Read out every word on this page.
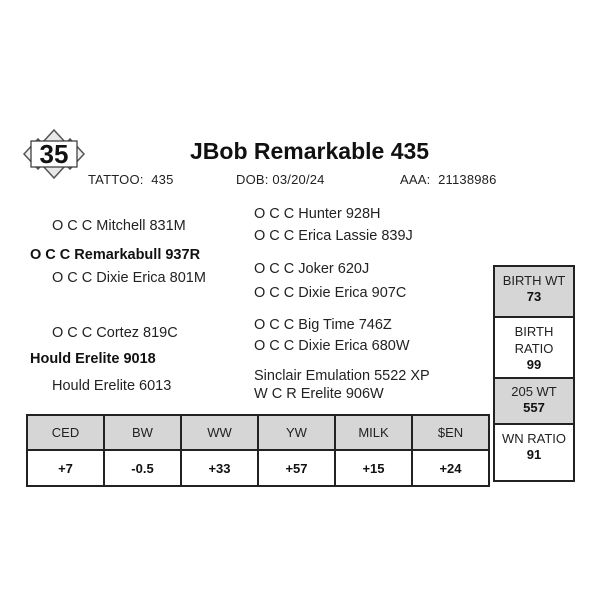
35	JBob Remarkable 435
TATTOO: 435	DOB: 03/20/24	AAA: 21138986
O C C Mitchell 831M
O C C Remarkabull 937R
O C C Dixie Erica 801M
O C C Cortez 819C
Hould Erelite 9018
Hould Erelite 6013
O C C Hunter 928H
O C C Erica Lassie 839J
O C C Joker 620J
O C C Dixie Erica 907C
O C C Big Time 746Z
O C C Dixie Erica 680W
Sinclair Emulation 5522 XP
W C R Erelite 906W
BIRTH WT
73
BIRTH RATIO
99
205 WT
557
WN RATIO
91
CED	BW	WW	YW	MILK	$EN
+7	-0.5	+33	+57	+15	+24
